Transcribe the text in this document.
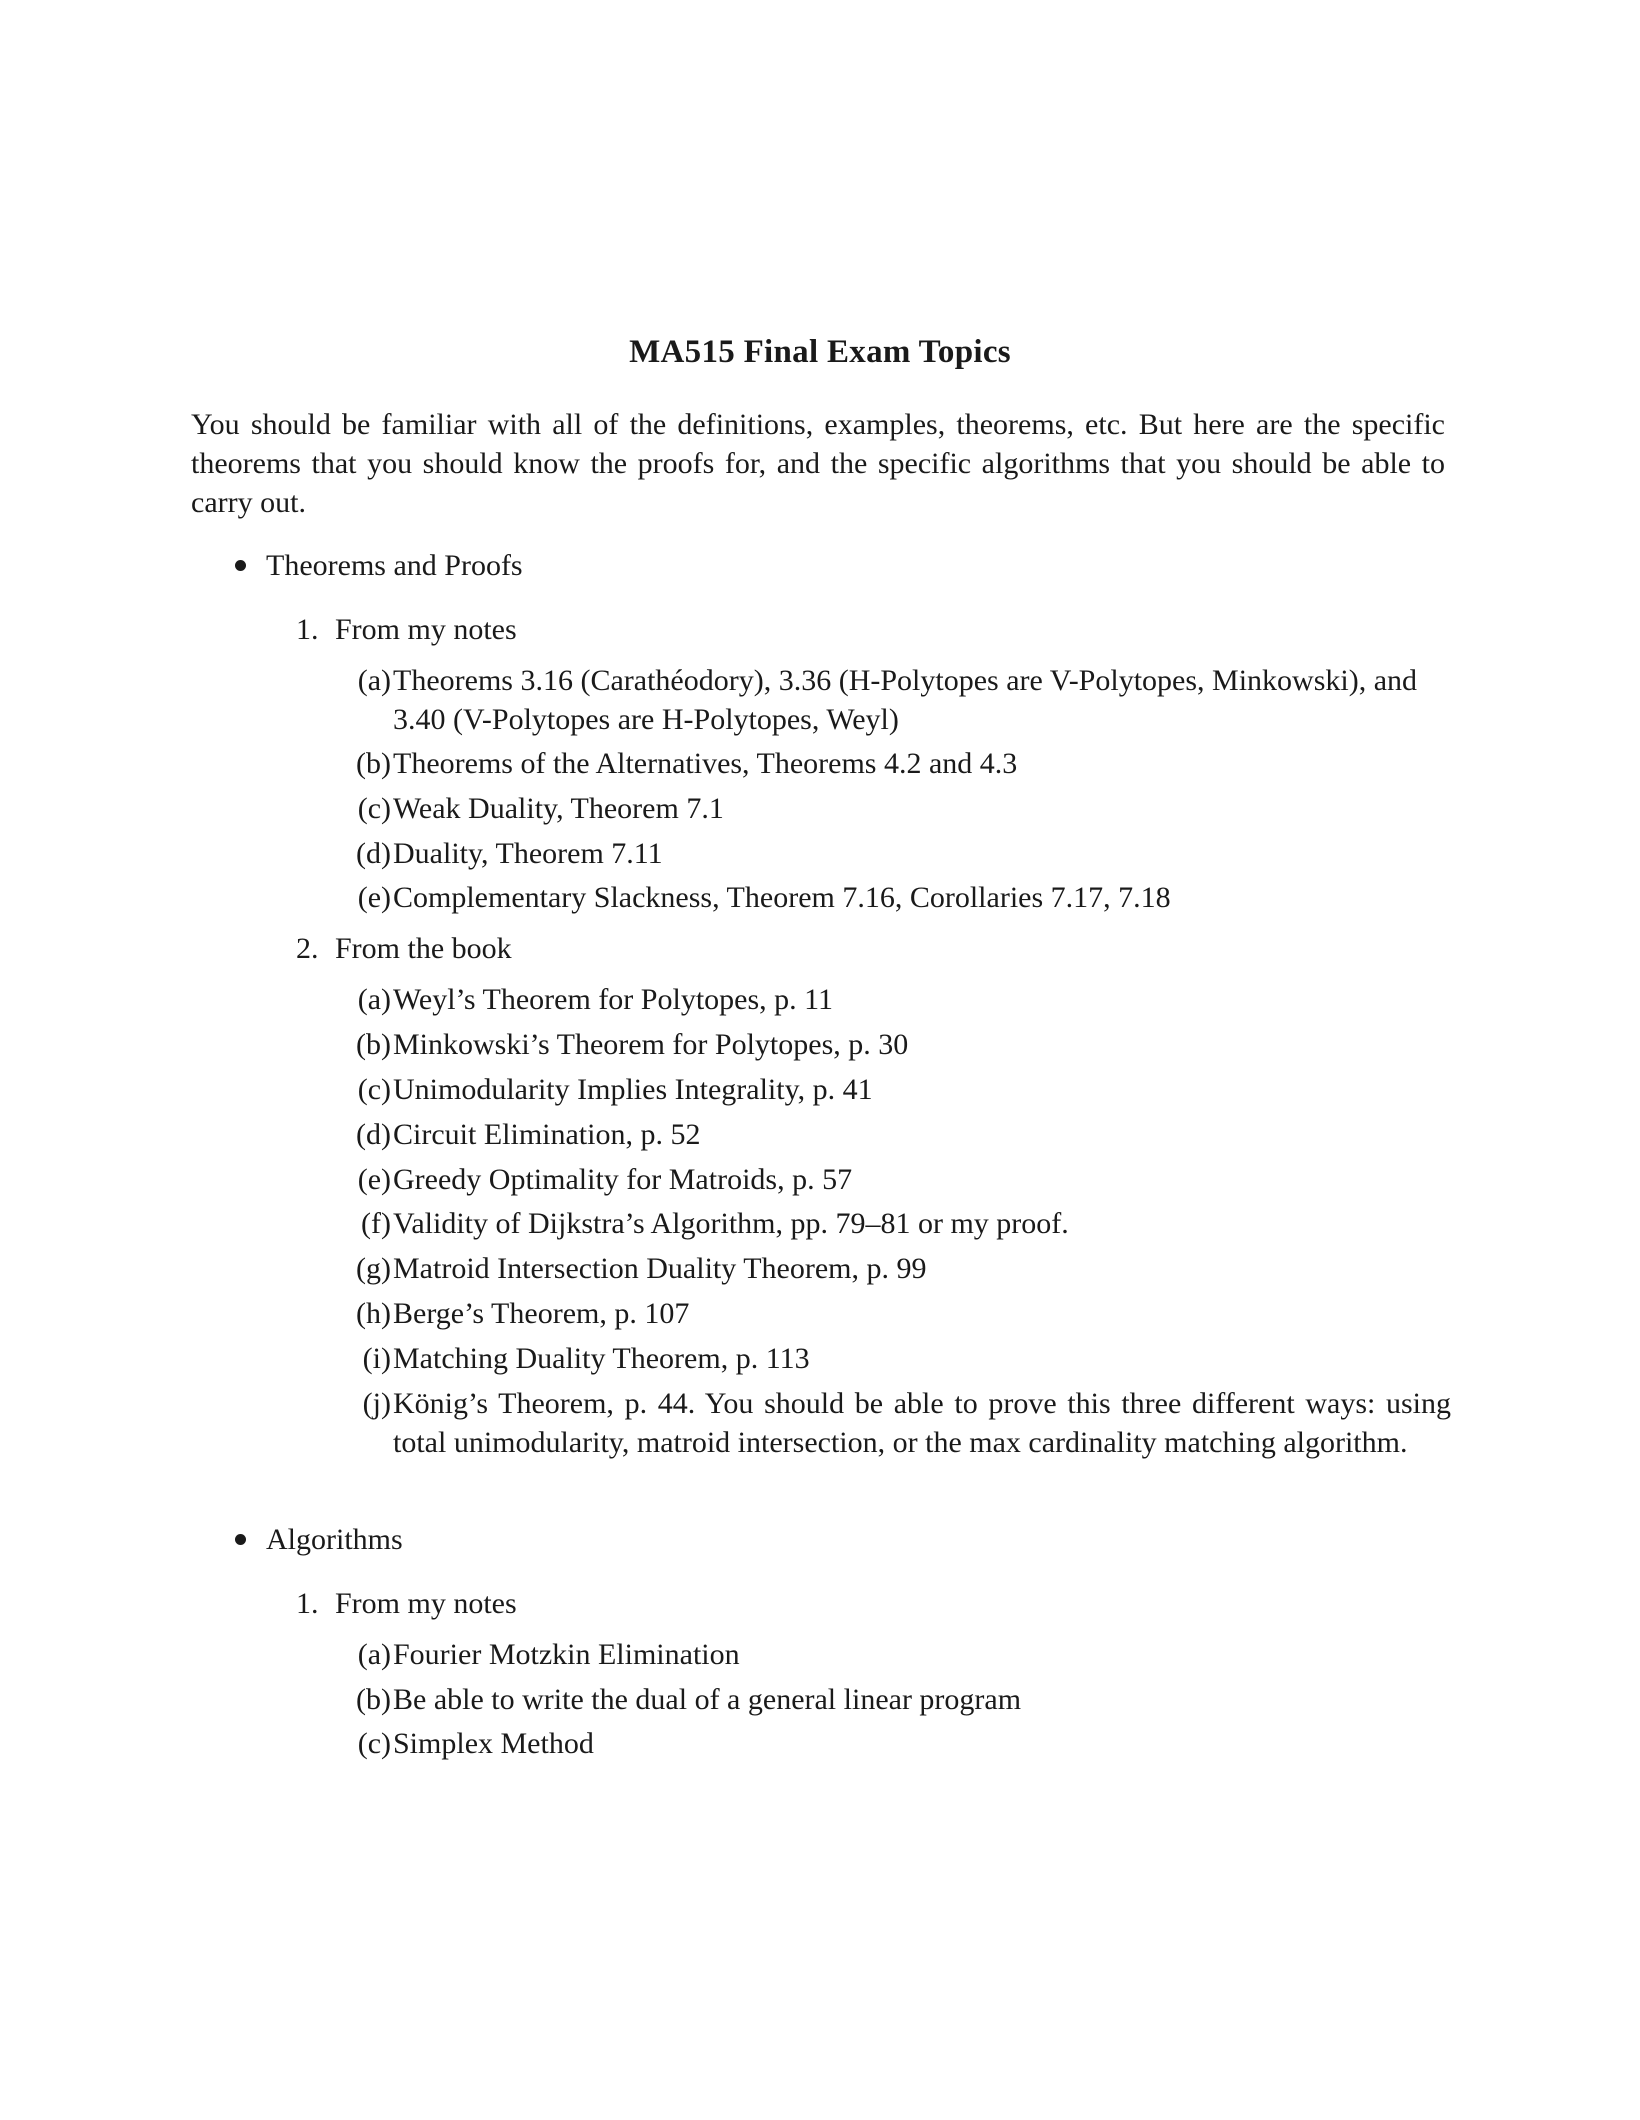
MA515 Final Exam Topics
You should be familiar with all of the definitions, examples, theorems, etc. But here are the specific theorems that you should know the proofs for, and the specific algorithms that you should be able to carry out.
Theorems and Proofs
1. From my notes
(a) Theorems 3.16 (Carathéodory), 3.36 (H-Polytopes are V-Polytopes, Minkowski), and 3.40 (V-Polytopes are H-Polytopes, Weyl)
(b) Theorems of the Alternatives, Theorems 4.2 and 4.3
(c) Weak Duality, Theorem 7.1
(d) Duality, Theorem 7.11
(e) Complementary Slackness, Theorem 7.16, Corollaries 7.17, 7.18
2. From the book
(a) Weyl’s Theorem for Polytopes, p. 11
(b) Minkowski’s Theorem for Polytopes, p. 30
(c) Unimodularity Implies Integrality, p. 41
(d) Circuit Elimination, p. 52
(e) Greedy Optimality for Matroids, p. 57
(f) Validity of Dijkstra’s Algorithm, pp. 79–81 or my proof.
(g) Matroid Intersection Duality Theorem, p. 99
(h) Berge’s Theorem, p. 107
(i) Matching Duality Theorem, p. 113
(j) König’s Theorem, p. 44. You should be able to prove this three different ways: using total unimodularity, matroid intersection, or the max cardinality matching algorithm.
Algorithms
1. From my notes
(a) Fourier Motzkin Elimination
(b) Be able to write the dual of a general linear program
(c) Simplex Method
